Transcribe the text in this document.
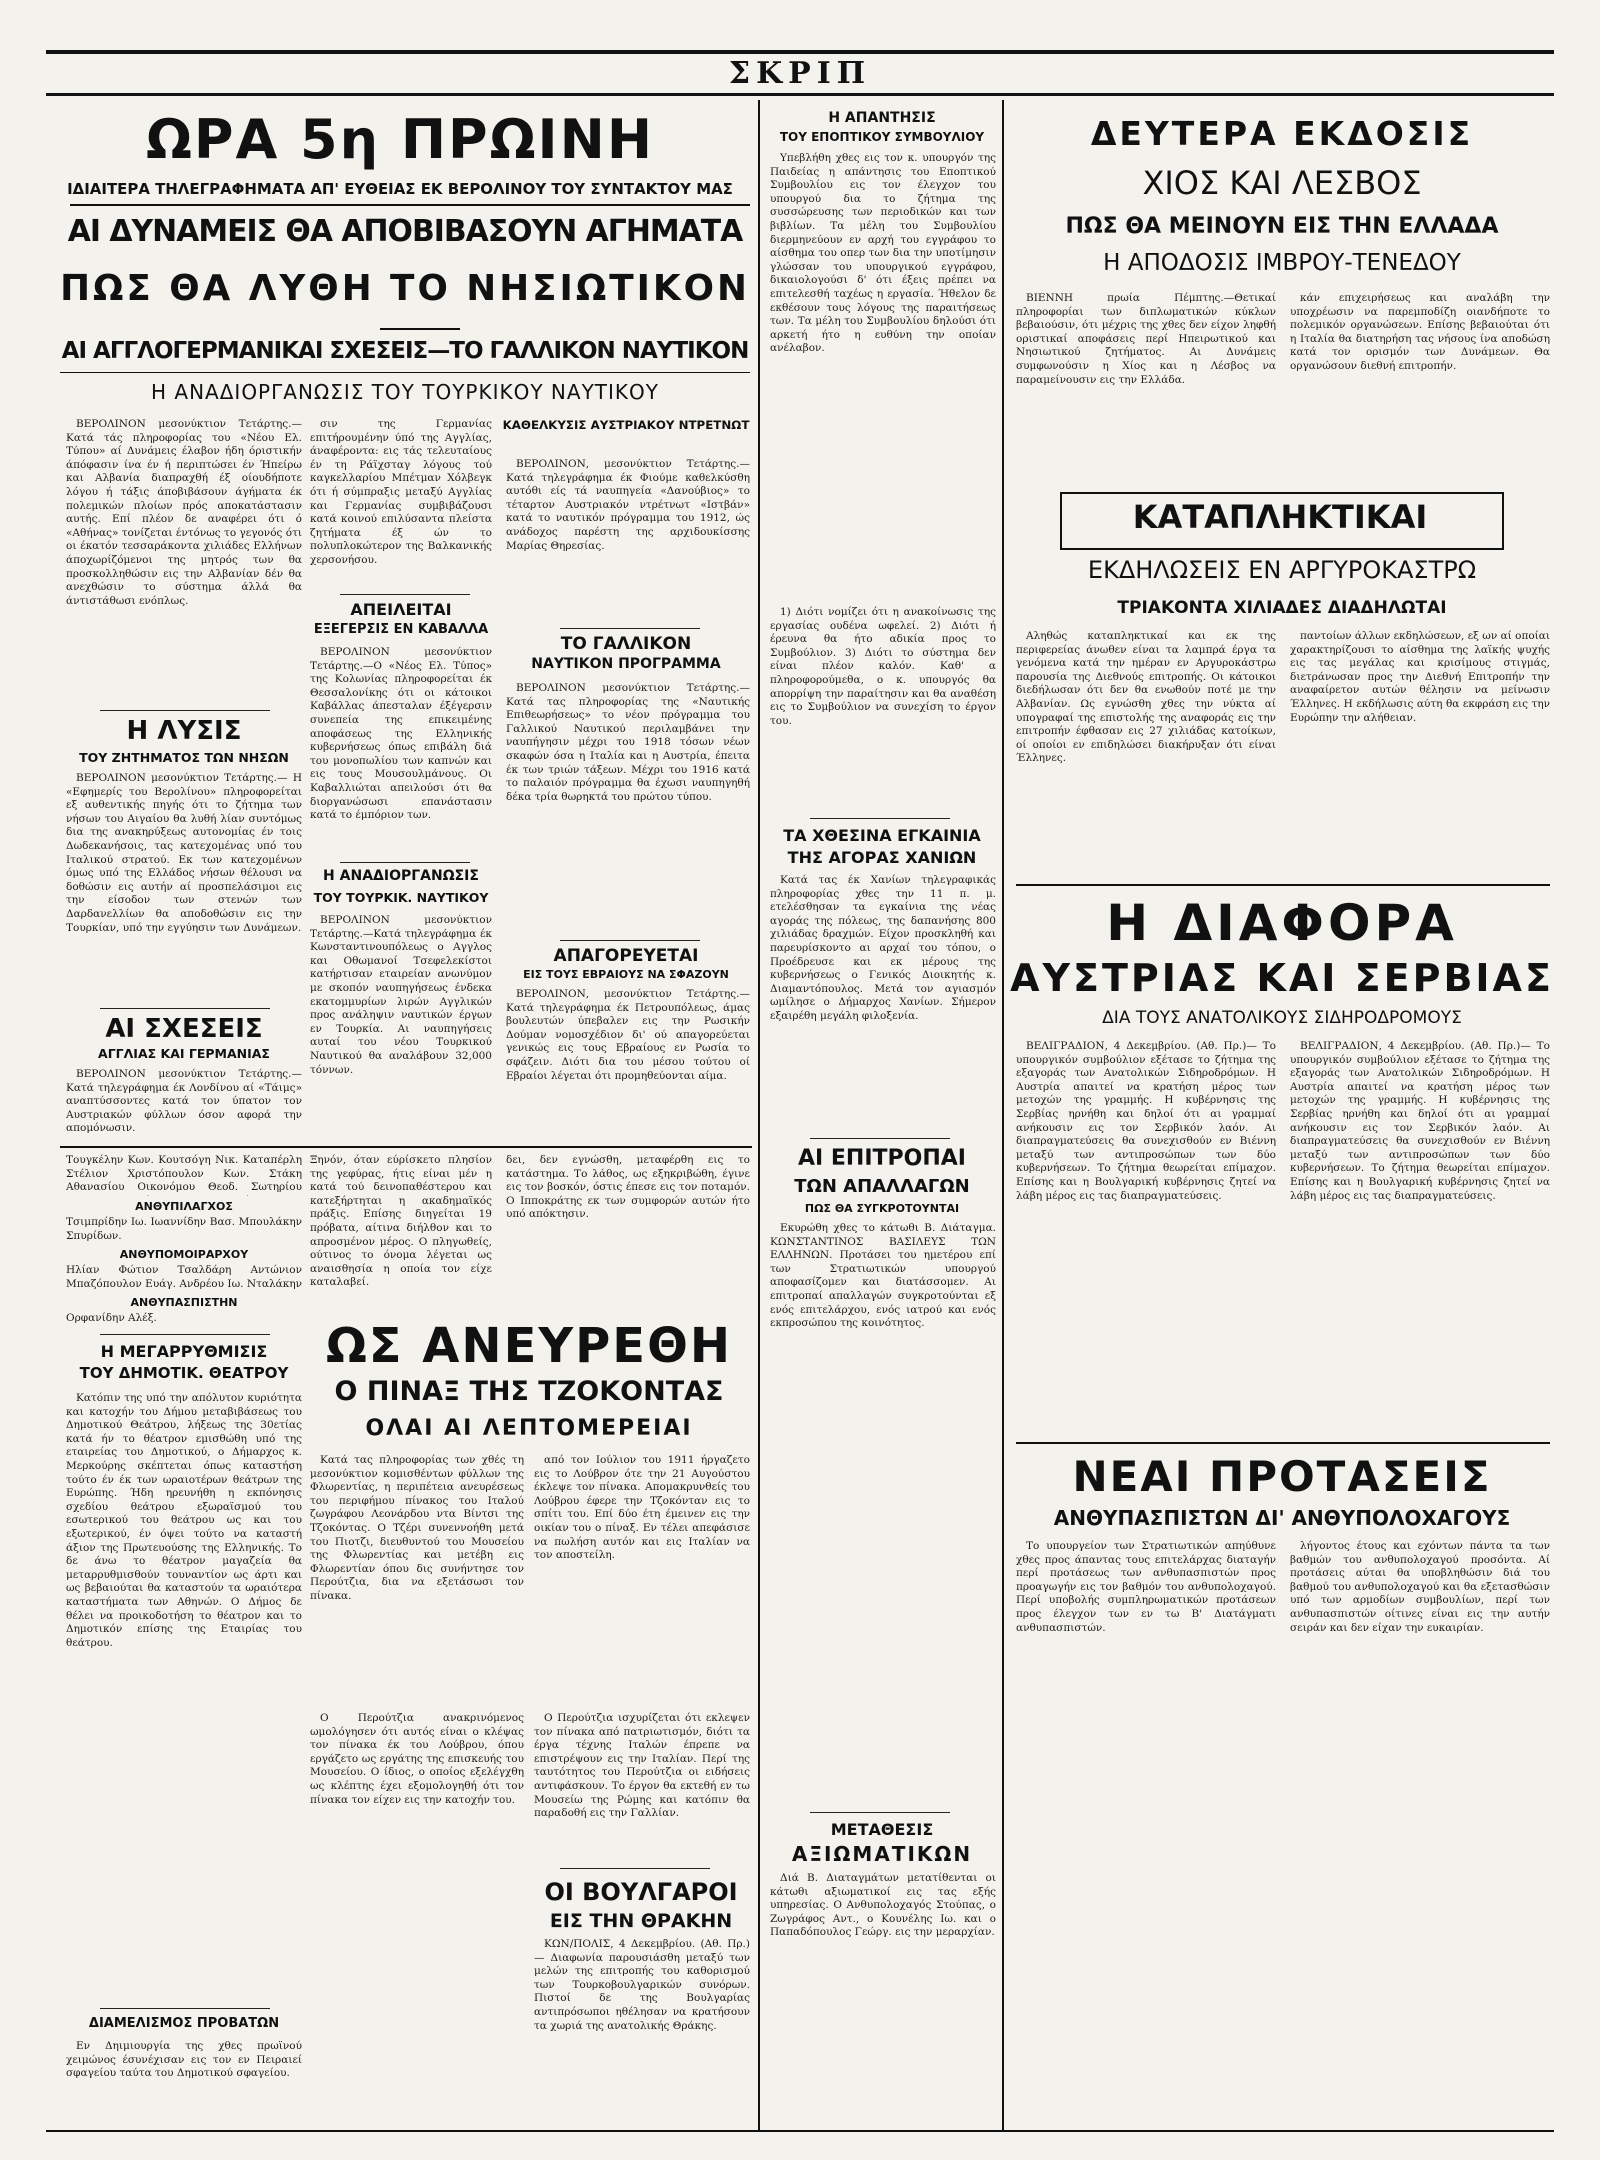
ΣΚΡΙΠ
ΩΡΑ 5η ΠΡΩΙΝΗ
ΙΔΙΑΙΤΕΡΑ ΤΗΛΕΓΡΑΦΗΜΑΤΑ ΑΠ' ΕΥΘΕΙΑΣ ΕΚ ΒΕΡΟΛΙΝΟΥ ΤΟΥ ΣΥΝΤΑΚΤΟΥ ΜΑΣ
ΑΙ ΔΥΝΑΜΕΙΣ ΘΑ ΑΠΟΒΙΒΑΣΟΥΝ ΑΓΗΜΑΤΑ
ΠΩΣ ΘΑ ΛΥΘΗ ΤΟ ΝΗΣΙΩΤΙΚΟΝ
ΑΙ ΑΓΓΛΟΓΕΡΜΑΝΙΚΑΙ ΣΧΕΣΕΙΣ—ΤΟ ΓΑΛΛΙΚΟΝ ΝΑΥΤΙΚΟΝ
Η ΑΝΑΔΙΟΡΓΑΝΩΣΙΣ ΤΟΥ ΤΟΥΡΚΙΚΟΥ ΝΑΥΤΙΚΟΥ

ΒΕΡΟΛΙΝΟΝ μεσονύκτιον Τετάρτης.—Κατά τάς πληροφορίας του «Νέου Ελ. Τύπου» αί Δυνάμεις έλαβον ήδη όριστικήν άπόφασιν ίνα έν ή περιπτώσει έν Ήπείρω και Αλβανία διαπραχθή έξ οίουδήποτε λόγου ή τάξις άποβιβάσουν άγήματα έκ πολεμικών πλοίων πρός αποκατάστασιν αυτής. Επί πλέον δε αναφέρει ότι ό «Αθήνας» τονίζεται έντόνως το γεγονός ότι οι έκατόν τεσσαράκοντα χιλιάδες Ελλήνων άποχωρίζόμενοι της μητρός των θα προσκολληθώσιν εις την Αλβανίαν δέν θα ανεχθώσιν το σύστημα άλλά θα άντιστάθωσι ενόπλως.

Η ΛΥΣΙΣ
ΤΟΥ ΖΗΤΗΜΑΤΟΣ ΤΩΝ ΝΗΣΩΝ

ΒΕΡΟΛΙΝΟΝ μεσονύκτιον Τετάρτης.— Η «Εφημερίς του Βερολίνου» πληροφορείται εξ αυθεντικής πηγής ότι το ζήτημα των νήσων του Αιγαίου θα λυθή λίαν συντόμως δια της ανακηρύξεως αυτονομίας έν τοις Δωδεκανήσοις, τας κατεχομένας υπό του Ιταλικού στρατού. Εκ των κατεχομένων όμως υπό της Ελλάδος νήσων θέλουσι να δοθώσιν εις αυτήν αί προσπελάσιμοι εις την είσοδον των στενών των Δαρδανελλίων θα αποδοθώσιν εις την Τουρκίαν, υπό την εγγύησιν των Δυνάμεων.

ΑΙ ΣΧΕΣΕΙΣ
ΑΓΓΛΙΑΣ ΚΑΙ ΓΕΡΜΑΝΙΑΣ

ΒΕΡΟΛΙΝΟΝ μεσονύκτιον Τετάρτης.— Κατά τηλεγράφημα έκ Λονδίνου αί «Τάιμς» αναπτύσσοντες κατά τον ύπατον τον Αυστριακών φύλλων όσον αφορά την απομόνωσιν.

σιν της Γερμανίας επιτήρουμένην ύπό της Αγγλίας, άναφέροντα: εις τάς τελευταίους έν τη Ράϊχσταγ λόγους τού καγκελλαρίου Μπέτμαν Χόλβεγκ ότι ή σύμπραξις μεταξύ Αγγλίας και Γερμανίας συμβιβάζουσι κατά κοινού επιλύσαντα πλείστα ζητήματα έξ ών το πολυπλοκώτερον της Βαλκανικής χερσονήσου.

ΑΠΕΙΛΕΙΤΑΙ
ΕΞΕΓΕΡΣΙΣ ΕΝ ΚΑΒΑΛΛΑ

ΒΕΡΟΛΙΝΟΝ μεσονύκτιον Τετάρτης.—Ο «Νέος Ελ. Τύπος» της Κολωνίας πληροφορείται έκ Θεσσαλονίκης ότι οι κάτοικοι Καβάλλας άπεσταλαν έξέγερσιν συνεπεία της επικειμένης αποφάσεως της Ελληνικής κυβερνήσεως όπως επιβάλη διά του μονοπωλίου των καπνών και εις τους Μουσουλμάνους. Οι Καβαλλιώται απειλούσι ότι θα διοργανώσωσι επανάστασιν κατά το έμπόριον των.

Η ΑΝΑΔΙΟΡΓΑΝΩΣΙΣ
ΤΟΥ ΤΟΥΡΚΙΚ. ΝΑΥΤΙΚΟΥ

ΒΕΡΟΛΙΝΟΝ μεσονύκτιον Τετάρτης.—Κατά τηλεγράφημα έκ Κωνσταντινουπόλεως ο Αγγλος και Οθωμανοί Τσεφελεκίστοι κατήρτισαν εταιρείαν ανωνύμον με σκοπόν ναυπηγήσεως ένδεκα εκατομμυρίων λιρών Αγγλικών προς ανάληψιν ναυτικών έργων εν Τουρκία. Αι ναυπηγήσεις αυταί του νέου Τουρκικού Ναυτικού θα αναλάβουν 32,000 τόννων.

ΚΑΘΕΛΚΥΣΙΣ ΑΥΣΤΡΙΑΚΟΥ ΝΤΡΕΤΝΩΤ

ΒΕΡΟΛΙΝΟΝ, μεσονύκτιον Τετάρτης.— Κατά τηλεγράφημα έκ Φιούμε καθελκύσθη αυτόθι είς τά ναυπηγεία «Δανούβιος» το τέταρτον Αυστριακόν ντρέτνωτ «Ιστβάν» κατά το ναυτικόν πρόγραμμα του 1912, ώς ανάδοχος παρέστη της αρχιδουκίσσης Μαρίας Θηρεσίας.

ΤΟ ΓΑΛΛΙΚΟΝ
ΝΑΥΤΙΚΟΝ ΠΡΟΓΡΑΜΜΑ

ΒΕΡΟΛΙΝΟΝ μεσονύκτιον Τετάρτης.—Κατά τας πληροφορίας της «Ναυτικής Επιθεωρήσεως» το νέον πρόγραμμα του Γαλλικού Ναυτικού περιλαμβάνει την ναυπήγησιν μέχρι του 1918 τόσων νέων σκαφών όσα η Ιταλία και η Αυστρία, έπειτα έκ των τριών τάξεων. Μέχρι του 1916 κατά το παλαιόν πρόγραμμα θα έχωσι ναυπηγηθή δέκα τρία θωρηκτά του πρώτου τύπου.

ΑΠΑΓΟΡΕΥΕΤΑΙ
ΕΙΣ ΤΟΥΣ ΕΒΡΑΙΟΥΣ ΝΑ ΣΦΑΖΟΥΝ

ΒΕΡΟΛΙΝΟΝ, μεσονύκτιον Τετάρτης.— Κατά τηλεγράφημα έκ Πετρουπόλεως, άμας βουλευτών ύπεβαλεν εις την Ρωσικήν Δούμαν νομοσχέδιον δι' ού απαγορεύεται γενικώς εις τους Εβραίους εν Ρωσία το σφάζειν. Διότι δια του μέσου τούτου οί Εβραίοι λέγεται ότι προμηθεύονται αίμα.

Τουγκέλην Κων. Κουτσόγη Νικ. Καταπέρλη Στέλιον Χριστόπουλον Κων. Στάκη Αθανασίου Οικονόμου Θεοδ. Σωτηρίου

ΑΝΘΥΠΙΛΑΓΧΟΣ

Τσιμπρίδην Ιω. Ιωαννίδην Βασ. Μπουλάκην Σπυρίδων.

ΑΝΘΥΠΟΜΟΙΡΑΡΧΟΥ

Ηλίαν Φώτιον Τσαλδάρη Αντώνιον Μπαζόπουλον Ευάγ. Ανδρέου Ιω. Νταλάκην

ΑΝΘΥΠΑΣΠΙΣΤΗΝ

Ορφανίδην Αλέξ.

Η ΜΕΓΑΡΡΥΘΜΙΣΙΣ
ΤΟΥ ΔΗΜΟΤΙΚ. ΘΕΑΤΡΟΥ

Κατόπιν της υπό την απόλυτον κυριότητα και κατοχήν του Δήμου μεταβιβάσεως του Δημοτικού Θεάτρου, λήξεως της 30ετίας κατά ήν το θέατρον εμισθώθη υπό της εταιρείας του Δημοτικού, ο Δήμαρχος κ. Μερκούρης σκέπτεται όπως καταστήση τούτο έν έκ των ωραιοτέρων θεάτρων της Ευρώπης. Ήδη ηρευνήθη η εκπόνησις σχεδίου θεάτρου εξωραϊσμού του εσωτερικού του θεάτρου ως και του εξωτερικού, έν όψει τούτο να καταστή άξιον της Πρωτευούσης της Ελληνικής. Το δε άνω το θέατρον μαγαζεία θα μεταρρυθμισθούν τουναντίον ως άρτι και ως βεβαιούται θα καταστούν τα ωραιότερα καταστήματα των Αθηνών. Ο Δήμος δε θέλει να προικοδοτήση το θέατρον και το Δημοτικόν επίσης της Εταιρίας του θεάτρου.

ΔΙΑΜΕΛΙΣΜΟΣ ΠΡΟΒΑΤΩΝ

Εν Δηιμιουργία της χθες πρωϊνού χειμώνος έσυνέχισαν εις τον εν Πειραιεί σφαγείου ταύτα του Δημοτικού σφαγείου.

Ξηνόν, όταν εύρίσκετο πλησίον της γεφύρας, ήτις είναι μέν η κατά τού δεινοπαθέστερου και κατεξήρτηται η ακαδημαϊκός πράξις. Επίσης διηγείται 19 πρόβατα, αίτινα διήλθον και το απροσμένον μέρος. Ο πληγωθείς, ούτινος το όνομα λέγεται ως αναισθησία η οποία τον είχε καταλαβεί.

δει, δεν εγνώσθη, μεταφέρθη εις το κατάστημα. Το λάθος, ως εξηκριβώθη, έγινε εις τον βοσκόν, όστις έπεσε εις τον ποταμόν. Ο Ιπποκράτης εκ των συμφορών αυτών ήτο υπό απόκτησιν.

ΩΣ ΑΝΕΥΡΕΘΗ
Ο ΠΙΝΑΞ ΤΗΣ ΤΖΟΚΟΝΤΑΣ
ΟΛΑΙ ΑΙ ΛΕΠΤΟΜΕΡΕΙΑΙ

Κατά τας πληροφορίας των χθές τη μεσονύκτιον κομισθέντων φύλλων της Φλωρεντίας, η περιπέτεια ανευρέσεως του περιφήμου πίνακος του Ιταλού ζωγράφου Λεονάρδου ντα Βίντσι της Τζοκόντας. Ο Τζέρι συνεννοήθη μετά του Πιοτζι, διευθυντού του Μουσείου της Φλωρεντίας και μετέβη εις Φλωρεντίαν όπου δις συνήντησε τον Περούτζια, δια να εξετάσωσι τον πίνακα.

Ο Περούτζια ανακρινόμενος ωμολόγησεν ότι αυτός είναι ο κλέψας τον πίνακα έκ του Λούβρου, όπου εργάζετο ως εργάτης της επισκευής του Μουσείου. Ο ίδιος, ο οποίος εξελέγχθη ως κλέπτης έχει εξομολογηθή ότι τον πίνακα τον είχεν εις την κατοχήν του.

από τον Ιούλιον του 1911 ήργαζετο εις το Λούβρον ότε την 21 Αυγούστου έκλεψε τον πίνακα. Απομακρυνθείς του Λούβρου έφερε την Τζοκόνταν εις το σπίτι του. Επί δύο έτη έμεινεν εις την οικίαν του ο πίναξ. Εν τέλει απεφάσισε να πωλήση αυτόν και εις Ιταλίαν να τον αποστείλη.

Ο Περούτζια ισχυρίζεται ότι εκλεψεν τον πίνακα από πατριωτισμόν, διότι τα έργα τέχνης Ιταλών έπρεπε να επιστρέψουν εις την Ιταλίαν. Περί της ταυτότητος του Περούτζια οι ειδήσεις αντιφάσκουν. Το έργον θα εκτεθή εν τω Μουσείω της Ρώμης και κατόπιν θα παραδοθή εις την Γαλλίαν.

ΟΙ ΒΟΥΛΓΑΡΟΙ
ΕΙΣ ΤΗΝ ΘΡΑΚΗΝ

ΚΩΝ/ΠΟΛΙΣ, 4 Δεκεμβρίου. (Αθ. Πρ.)— Διαφωνία παρουσιάσθη μεταξύ των μελών της επιτροπής του καθορισμού των Τουρκοβουλγαρικών συνόρων. Πιστοί δε της Βουλγαρίας αντιπρόσωποι ηθέλησαν να κρατήσουν τα χωριά της ανατολικής Θράκης.

Η ΑΠΑΝΤΗΣΙΣ
ΤΟΥ ΕΠΟΠΤΙΚΟΥ ΣΥΜΒΟΥΛΙΟΥ

Υπεβλήθη χθες εις τον κ. υπουργόν της Παιδείας η απάντησις του Εποπτικού Συμβουλίου εις τον έλεγχον του υπουργού δια το ζήτημα της συσσώρευσης των περιοδικών και των βιβλίων. Τα μέλη του Συμβουλίου διερμηνεύουν εν αρχή του εγγράφου το αίσθημα του οπερ των δια την υποτίμησιν γλώσσαν του υπουργικού εγγράφου, δικαιολογούσι δ' ότι έξεις πρέπει να επιτελεσθή ταχέως η εργασία. Ήθελον δε εκθέσουν τους λόγους της παραιτήσεως των. Τα μέλη του Συμβουλίου δηλούσι ότι αρκετή ήτο η ευθύνη την οποίαν ανέλαβον.

1) Διότι νομίζει ότι η ανακοίνωσις της εργασίας ουδένα ωφελεί. 2) Διότι ή έρευνα θα ήτο αδικία προς το Συμβούλιον. 3) Διότι το σύστημα δεν είναι πλέον καλόν. Καθ' α πληροφορούμεθα, ο κ. υπουργός θα απορρίψη την παραίτησιν και θα αναθέση εις το Συμβούλιον να συνεχίση το έργον του.

ΤΑ ΧΘΕΣΙΝΑ ΕΓΚΑΙΝΙΑ
ΤΗΣ ΑΓΟΡΑΣ ΧΑΝΙΩΝ

Κατά τας έκ Χανίων τηλεγραφικάς πληροφορίας χθες την 11 π. μ. ετελέσθησαν τα εγκαίνια της νέας αγοράς της πόλεως, της δαπανήσης 800 χιλιάδας δραχμών. Είχον προσκληθή και παρευρίσκοντο αι αρχαί του τόπου, ο Προέδρευσε και εκ μέρους της κυβερνήσεως ο Γενικός Διοικητής κ. Διαμαντόπουλος. Μετά τον αγιασμόν ωμίλησε ο Δήμαρχος Χανίων. Σήμερον εξαιρέθη μεγάλη φιλοξενία.

ΑΙ ΕΠΙΤΡΟΠΑΙ
ΤΩΝ ΑΠΑΛΛΑΓΩΝ
ΠΩΣ ΘΑ ΣΥΓΚΡΟΤΟΥΝΤΑΙ

Εκυρώθη χθες το κάτωθι Β. Διάταγμα. ΚΩΝΣΤΑΝΤΙΝΟΣ ΒΑΣΙΛΕΥΣ ΤΩΝ ΕΛΛΗΝΩΝ. Προτάσει του ημετέρου επί των Στρατιωτικών υπουργού αποφασίζομεν και διατάσσομεν. Αι επιτροπαί απαλλαγών συγκροτούνται εξ ενός επιτελάρχου, ενός ιατρού και ενός εκπροσώπου της κοινότητος.

ΜΕΤΑΘΕΣΙΣ
ΑΞΙΩΜΑΤΙΚΩΝ

Διά Β. Διαταγμάτων μετατίθενται οι κάτωθι αξιωματικοί εις τας εξής υπηρεσίας. Ο Ανθυπολοχαγός Στούπας, ο Ζωγράφος Αντ., ο Κουνέλης Ιω. και ο Παπαδόπουλος Γεώργ. εις την μεραρχίαν.

ΔΕΥΤΕΡΑ ΕΚΔΟΣΙΣ
ΧΙΟΣ ΚΑΙ ΛΕΣΒΟΣ
ΠΩΣ ΘΑ ΜΕΙΝΟΥΝ ΕΙΣ ΤΗΝ ΕΛΛΑΔΑ
Η ΑΠΟΔΟΣΙΣ ΙΜΒΡΟΥ-ΤΕΝΕΔΟΥ

ΒΙΕΝΝΗ πρωία Πέμπτης.—Θετικαί πληροφορίαι των διπλωματικών κύκλων βεβαιούσιν, ότι μέχρις της χθες δεν είχον ληφθή οριστικαί αποφάσεις περί Ηπειρωτικού και Νησιωτικού ζητήματος. Αι Δυνάμεις συμφωνούσιν η Χίος και η Λέσβος να παραμείνουσιν εις την Ελλάδα.

κάν επιχειρήσεως και αναλάβη την υποχρέωσιν να παρεμποδίζη οιανδήποτε το πολεμικόν οργανώσεων. Επίσης βεβαιούται ότι η Ιταλία θα διατηρήση τας νήσους ίνα αποδώση κατά τον ορισμόν των Δυνάμεων. Θα οργανώσουν διεθνή επιτροπήν.

ΚΑΤΑΠΛΗΚΤΙΚΑΙ
ΕΚΔΗΛΩΣΕΙΣ ΕΝ ΑΡΓΥΡΟΚΑΣΤΡΩ
ΤΡΙΑΚΟΝΤΑ ΧΙΛΙΑΔΕΣ ΔΙΑΔΗΛΩΤΑΙ

Αληθώς καταπληκτικαί και εκ της περιφερείας άνωθεν είναι τα λαμπρά έργα τα γενόμενα κατά την ημέραν εν Αργυροκάστρω παρουσία της Διεθνούς επιτροπής. Οι κάτοικοι διεδήλωσαν ότι δεν θα ενωθούν ποτέ με την Αλβανίαν. Ως εγνώσθη χθες την νύκτα αί υπογραφαί της επιστολής της αναφοράς εις την επιτροπήν έφθασαν εις 27 χιλιάδας κατοίκων, οί οποίοι εν επιδηλώσει διακήρυξαν ότι είναι Έλληνες.

παντοίων άλλων εκδηλώσεων, εξ ων αί οποίαι χαρακτηρίζουσι το αίσθημα της λαϊκής ψυχής εις τας μεγάλας και κρισίμους στιγμάς, διετράνωσαν προς την Διεθνή Επιτροπήν την αναφαίρετον αυτών θέλησιν να μείνωσιν Έλληνες. Η εκδήλωσις αύτη θα εκφράση εις την Ευρώπην την αλήθειαν.

Η ΔΙΑΦΟΡΑ
ΑΥΣΤΡΙΑΣ ΚΑΙ ΣΕΡΒΙΑΣ
ΔΙΑ ΤΟΥΣ ΑΝΑΤΟΛΙΚΟΥΣ ΣΙΔΗΡΟΔΡΟΜΟΥΣ

ΒΕΛΙΓΡΑΔΙΟΝ, 4 Δεκεμβρίου. (Αθ. Πρ.)— Το υπουργικόν συμβούλιον εξέτασε το ζήτημα της εξαγοράς των Ανατολικών Σιδηροδρόμων. Η Αυστρία απαιτεί να κρατήση μέρος των μετοχών της γραμμής. Η κυβέρνησις της Σερβίας ηρνήθη και δηλοί ότι αι γραμμαί ανήκουσιν εις τον Σερβικόν λαόν. Αι διαπραγματεύσεις θα συνεχισθούν εν Βιέννη μεταξύ των αντιπροσώπων των δύο κυβερνήσεων. Το ζήτημα θεωρείται επίμαχον. Επίσης και η Βουλγαρική κυβέρνησις ζητεί να λάβη μέρος εις τας διαπραγματεύσεις.

ΒΕΛΙΓΡΑΔΙΟΝ, 4 Δεκεμβρίου. (Αθ. Πρ.)— Το υπουργικόν συμβούλιον εξέτασε το ζήτημα της εξαγοράς των Ανατολικών Σιδηροδρόμων. Η Αυστρία απαιτεί να κρατήση μέρος των μετοχών της γραμμής. Η κυβέρνησις της Σερβίας ηρνήθη και δηλοί ότι αι γραμμαί ανήκουσιν εις τον Σερβικόν λαόν. Αι διαπραγματεύσεις θα συνεχισθούν εν Βιέννη μεταξύ των αντιπροσώπων των δύο κυβερνήσεων. Το ζήτημα θεωρείται επίμαχον. Επίσης και η Βουλγαρική κυβέρνησις ζητεί να λάβη μέρος εις τας διαπραγματεύσεις.

ΝΕΑΙ ΠΡΟΤΑΣΕΙΣ
ΑΝΘΥΠΑΣΠΙΣΤΩΝ ΔΙ' ΑΝΘΥΠΟΛΟΧΑΓΟΥΣ

Το υπουργείον των Στρατιωτικών απηύθυνε χθες προς άπαντας τους επιτελάρχας διαταγήν περί προτάσεως των ανθυπασπιστών προς προαγωγήν εις τον βαθμόν του ανθυπολοχαγού. Περί υποβολής συμπληρωματικών προτάσεων προς έλεγχον των εν τω Β' Διατάγματι ανθυπασπιστών.

λήγοντος έτους και εχόντων πάντα τα των βαθμών του ανθυπολοχαγού προσόντα. Αί προτάσεις αύται θα υποβληθώσιν διά του βαθμού του ανθυπολοχαγού και θα εξετασθώσιν υπό των αρμοδίων συμβουλίων, περί των ανθυπασπιστών οίτινες είναι εις την αυτήν σειράν και δεν είχαν την ευκαιρίαν.
